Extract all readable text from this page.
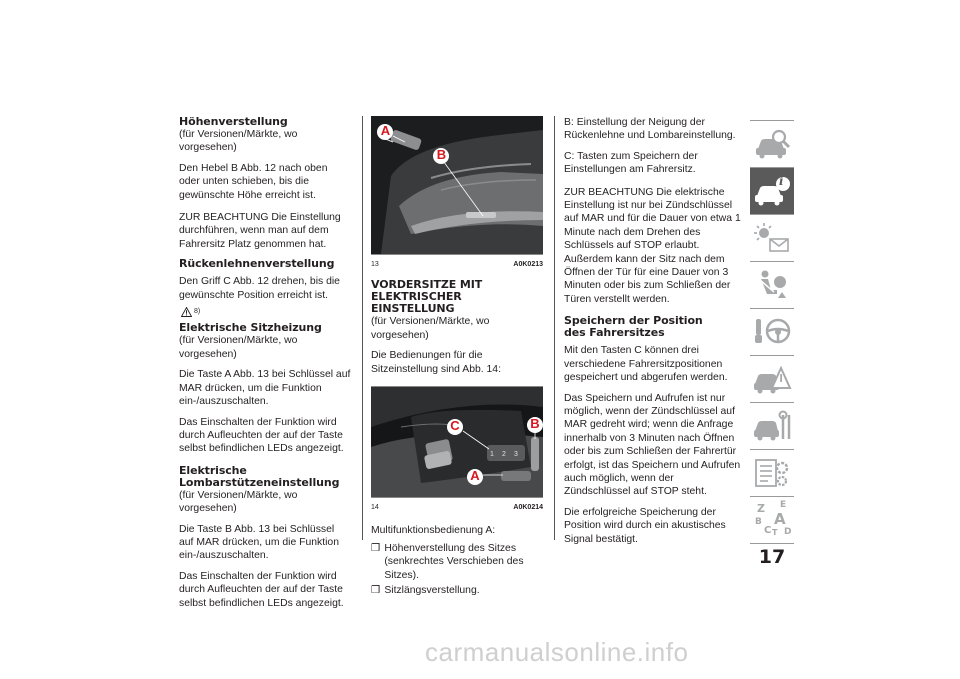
Höhenverstellung
(für Versionen/Märkte, wo vorgesehen)

Den Hebel B Abb. 12 nach oben oder unten schieben, bis die gewünschte Höhe erreicht ist.

ZUR BEACHTUNG Die Einstellung durchführen, wenn man auf dem Fahrersitz Platz genommen hat.

Rückenlehnenverstellung

Den Griff C Abb. 12 drehen, bis die gewünschte Position erreicht ist.

8)
Elektrische Sitzheizung
(für Versionen/Märkte, wo vorgesehen)

Die Taste A Abb. 13 bei Schlüssel auf MAR drücken, um die Funktion ein-/auszuschalten.

Das Einschalten der Funktion wird durch Aufleuchten der auf der Taste selbst befindlichen LEDs angezeigt.

Elektrische
Lombarstützeneinstellung
(für Versionen/Märkte, wo vorgesehen)

Die Taste B Abb. 13 bei Schlüssel auf MAR drücken, um die Funktion ein-/auszuschalten.

Das Einschalten der Funktion wird durch Aufleuchten der auf der Taste selbst befindlichen LEDs angezeigt.

A
B
13	A0K0213
VORDERSITZE MIT
ELEKTRISCHER
EINSTELLUNG
(für Versionen/Märkte, wo vorgesehen)

Die Bedienungen für die Sitzeinstellung sind Abb. 14:

C	B
A
1 2 3
14	A0K0214

Multifunktionsbedienung A:

❒ Höhenverstellung des Sitzes (senkrechtes Verschieben des Sitzes).
❒ Sitzlängsverstellung.

B: Einstellung der Neigung der Rückenlehne und Lombareinstellung.

C: Tasten zum Speichern der Einstellungen am Fahrersitz.

ZUR BEACHTUNG Die elektrische Einstellung ist nur bei Zündschlüssel auf MAR und für die Dauer von etwa 1 Minute nach dem Drehen des Schlüssels auf STOP erlaubt. Außerdem kann der Sitz nach dem Öffnen der Tür für eine Dauer von 3 Minuten oder bis zum Schließen der Türen verstellt werden.

Speichern der Position
des Fahrersitzes

Mit den Tasten C können drei verschiedene Fahrersitzpositionen gespeichert und abgerufen werden.

Das Speichern und Aufrufen ist nur möglich, wenn der Zündschlüssel auf MAR gedreht wird; wenn die Anfrage innerhalb von 3 Minuten nach Öffnen oder bis zum Schließen der Fahrertür erfolgt, ist das Speichern und Aufrufen auch möglich, wenn der Zündschlüssel auf STOP steht.

Die erfolgreiche Speicherung der Position wird durch ein akustisches Signal bestätigt.

i
Z E
B A
C T D
17
carmanualsonline.info
